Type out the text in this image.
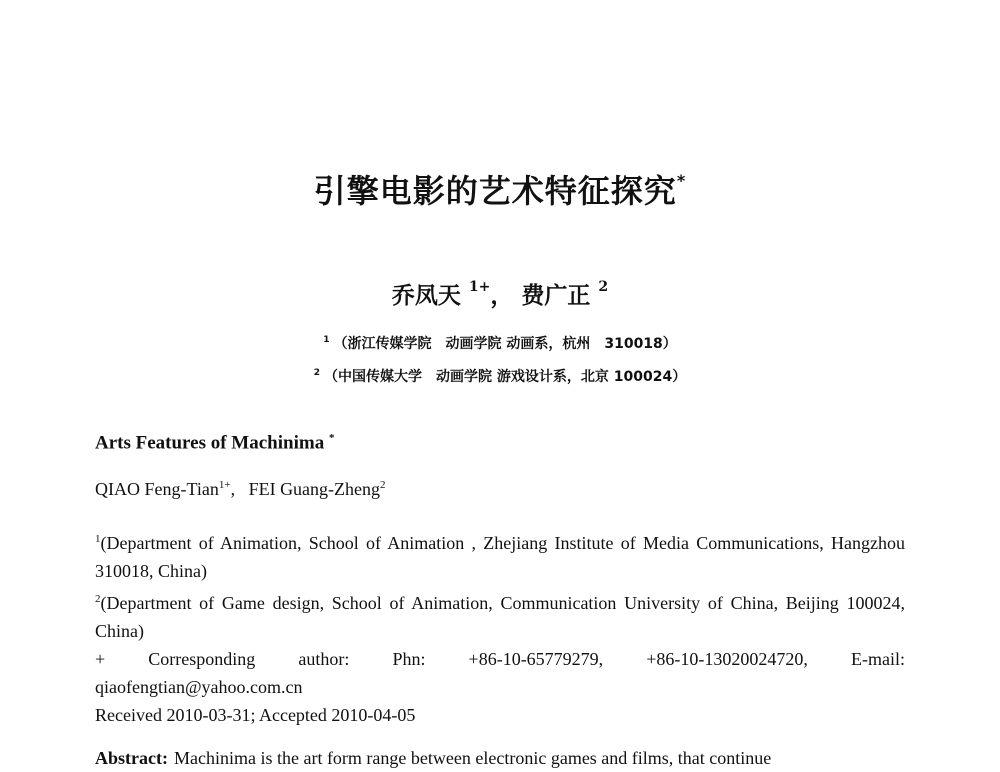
引擎电影的艺术特征探究*
乔凤天 $^{1+}$， 费广正 $^2$
$^1$ （浙江传媒学院　动画学院 动画系，杭州　310018）
$^2$ （中国传媒大学　动画学院 游戏设计系，北京 100024）
Arts Features of Machinima *
QIAO Feng-Tian$^{1+}$, FEI Guang-Zheng$^2$

$^1$(Department of Animation, School of Animation , Zhejiang Institute of Media Communications, Hangzhou 310018, China)

$^2$(Department of Game design, School of Animation, Communication University of China, Beijing 100024, China)

+ Corresponding author: Phn: +86-10-65779279, +86-10-13020024720, E-mail:

qiaofengtian@yahoo.com.cn

Received 2010-03-31; Accepted 2010-04-05

Abstract: Machinima is the art form range between electronic games and films, that continue
